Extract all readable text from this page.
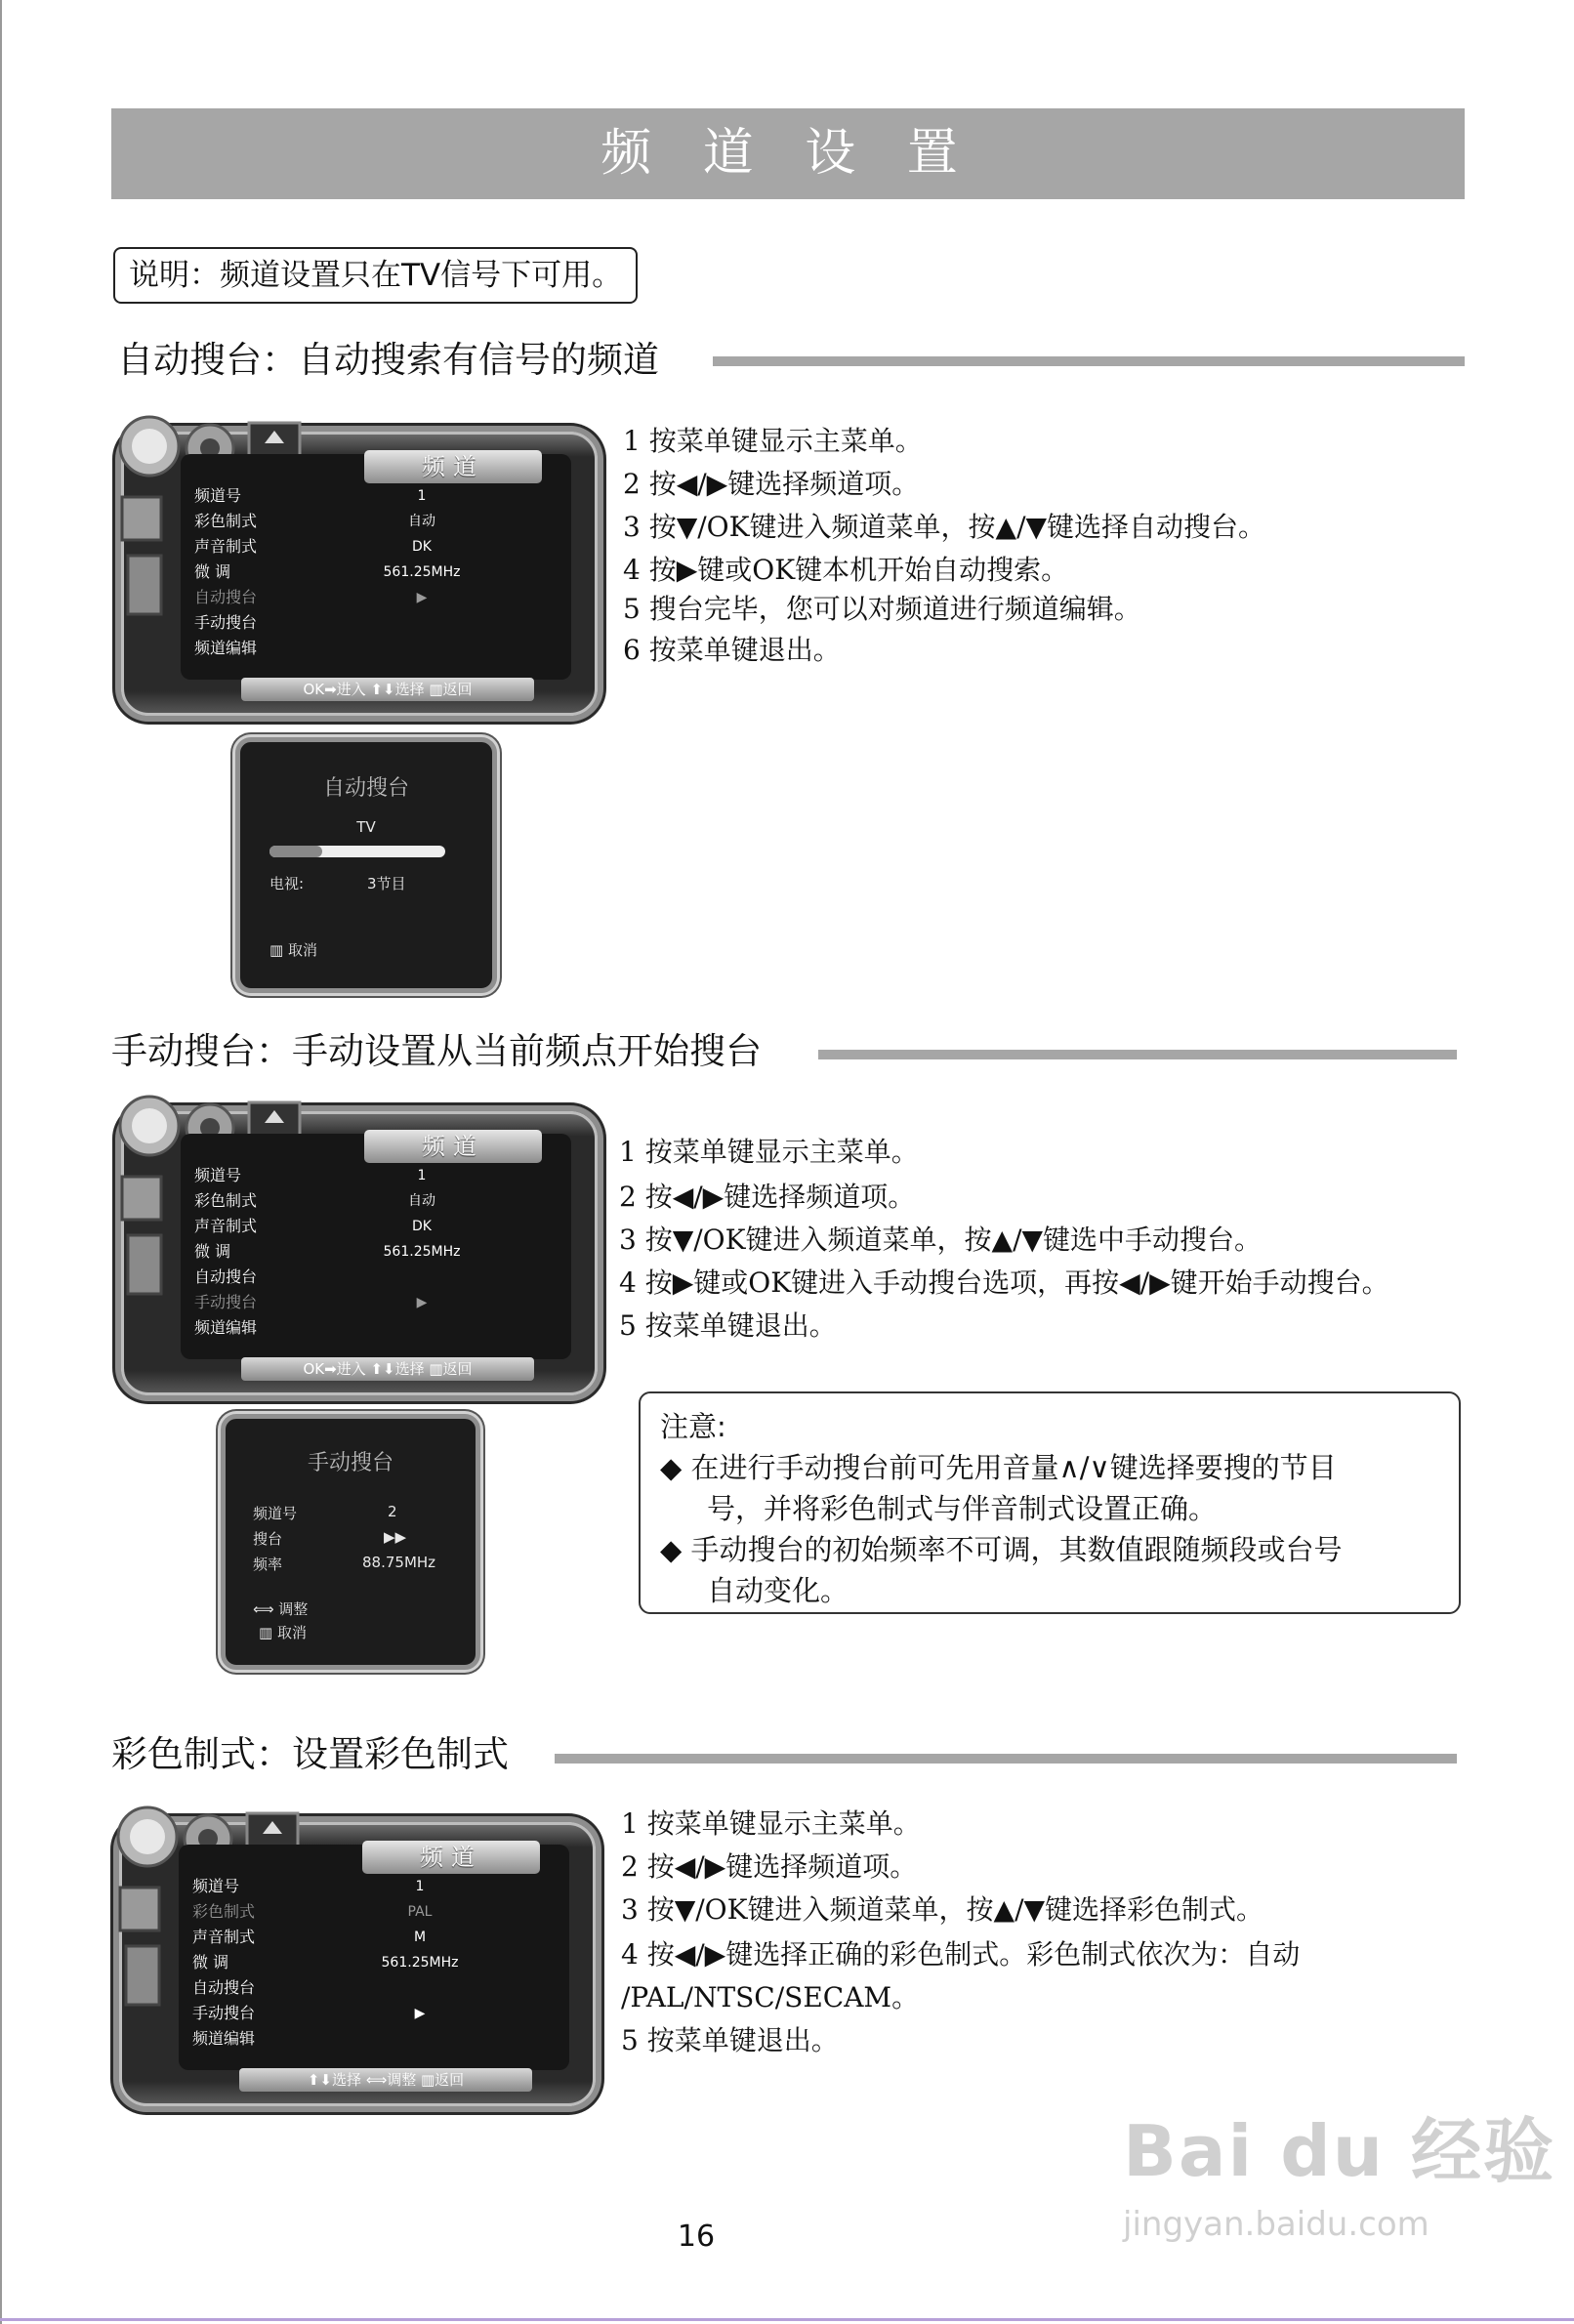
频 道 设 置
说明：频道设置只在TV信号下可用。
自动搜台：自动搜索有信号的频道
频道
频道号	1
彩色制式	自动
声音制式	DK
微 调	561.25MHz
自动搜台	▶
手动搜台
频道编辑
OK➡进入 ⬆⬇选择 ▥返回
自动搜台
TV
电视:	3节目
▥ 取消
1 按菜单键显示主菜单。
2 按◀/▶键选择频道项。
3 按▼/OK键进入频道菜单，按▲/▼键选择自动搜台。
4 按▶键或OK键本机开始自动搜索。
5 搜台完毕，您可以对频道进行频道编辑。
6 按菜单键退出。
手动搜台：手动设置从当前频点开始搜台
频道
频道号	1
彩色制式	自动
声音制式	DK
微 调	561.25MHz
自动搜台
手动搜台	▶
频道编辑
OK➡进入 ⬆⬇选择 ▥返回
手动搜台
频道号	2
搜台	▶▶
频率	88.75MHz
⟺ 调整
▥ 取消
1 按菜单键显示主菜单。
2 按◀/▶键选择频道项。
3 按▼/OK键进入频道菜单，按▲/▼键选中手动搜台。
4 按▶键或OK键进入手动搜台选项，再按◀/▶键开始手动搜台。
5 按菜单键退出。
注意:
◆ 在进行手动搜台前可先用音量∧/∨键选择要搜的节目
号，并将彩色制式与伴音制式设置正确。
◆ 手动搜台的初始频率不可调，其数值跟随频段或台号
自动变化。
彩色制式：设置彩色制式
频道
频道号	1
彩色制式	PAL
声音制式	M
微 调	561.25MHz
自动搜台
手动搜台	▶
频道编辑
⬆⬇选择 ⟺调整 ▥返回
1 按菜单键显示主菜单。
2 按◀/▶键选择频道项。
3 按▼/OK键进入频道菜单，按▲/▼键选择彩色制式。
4 按◀/▶键选择正确的彩色制式。彩色制式依次为：自动
/PAL/NTSC/SECAM。
5 按菜单键退出。
Bai du 经验
jingyan.baidu.com
16
